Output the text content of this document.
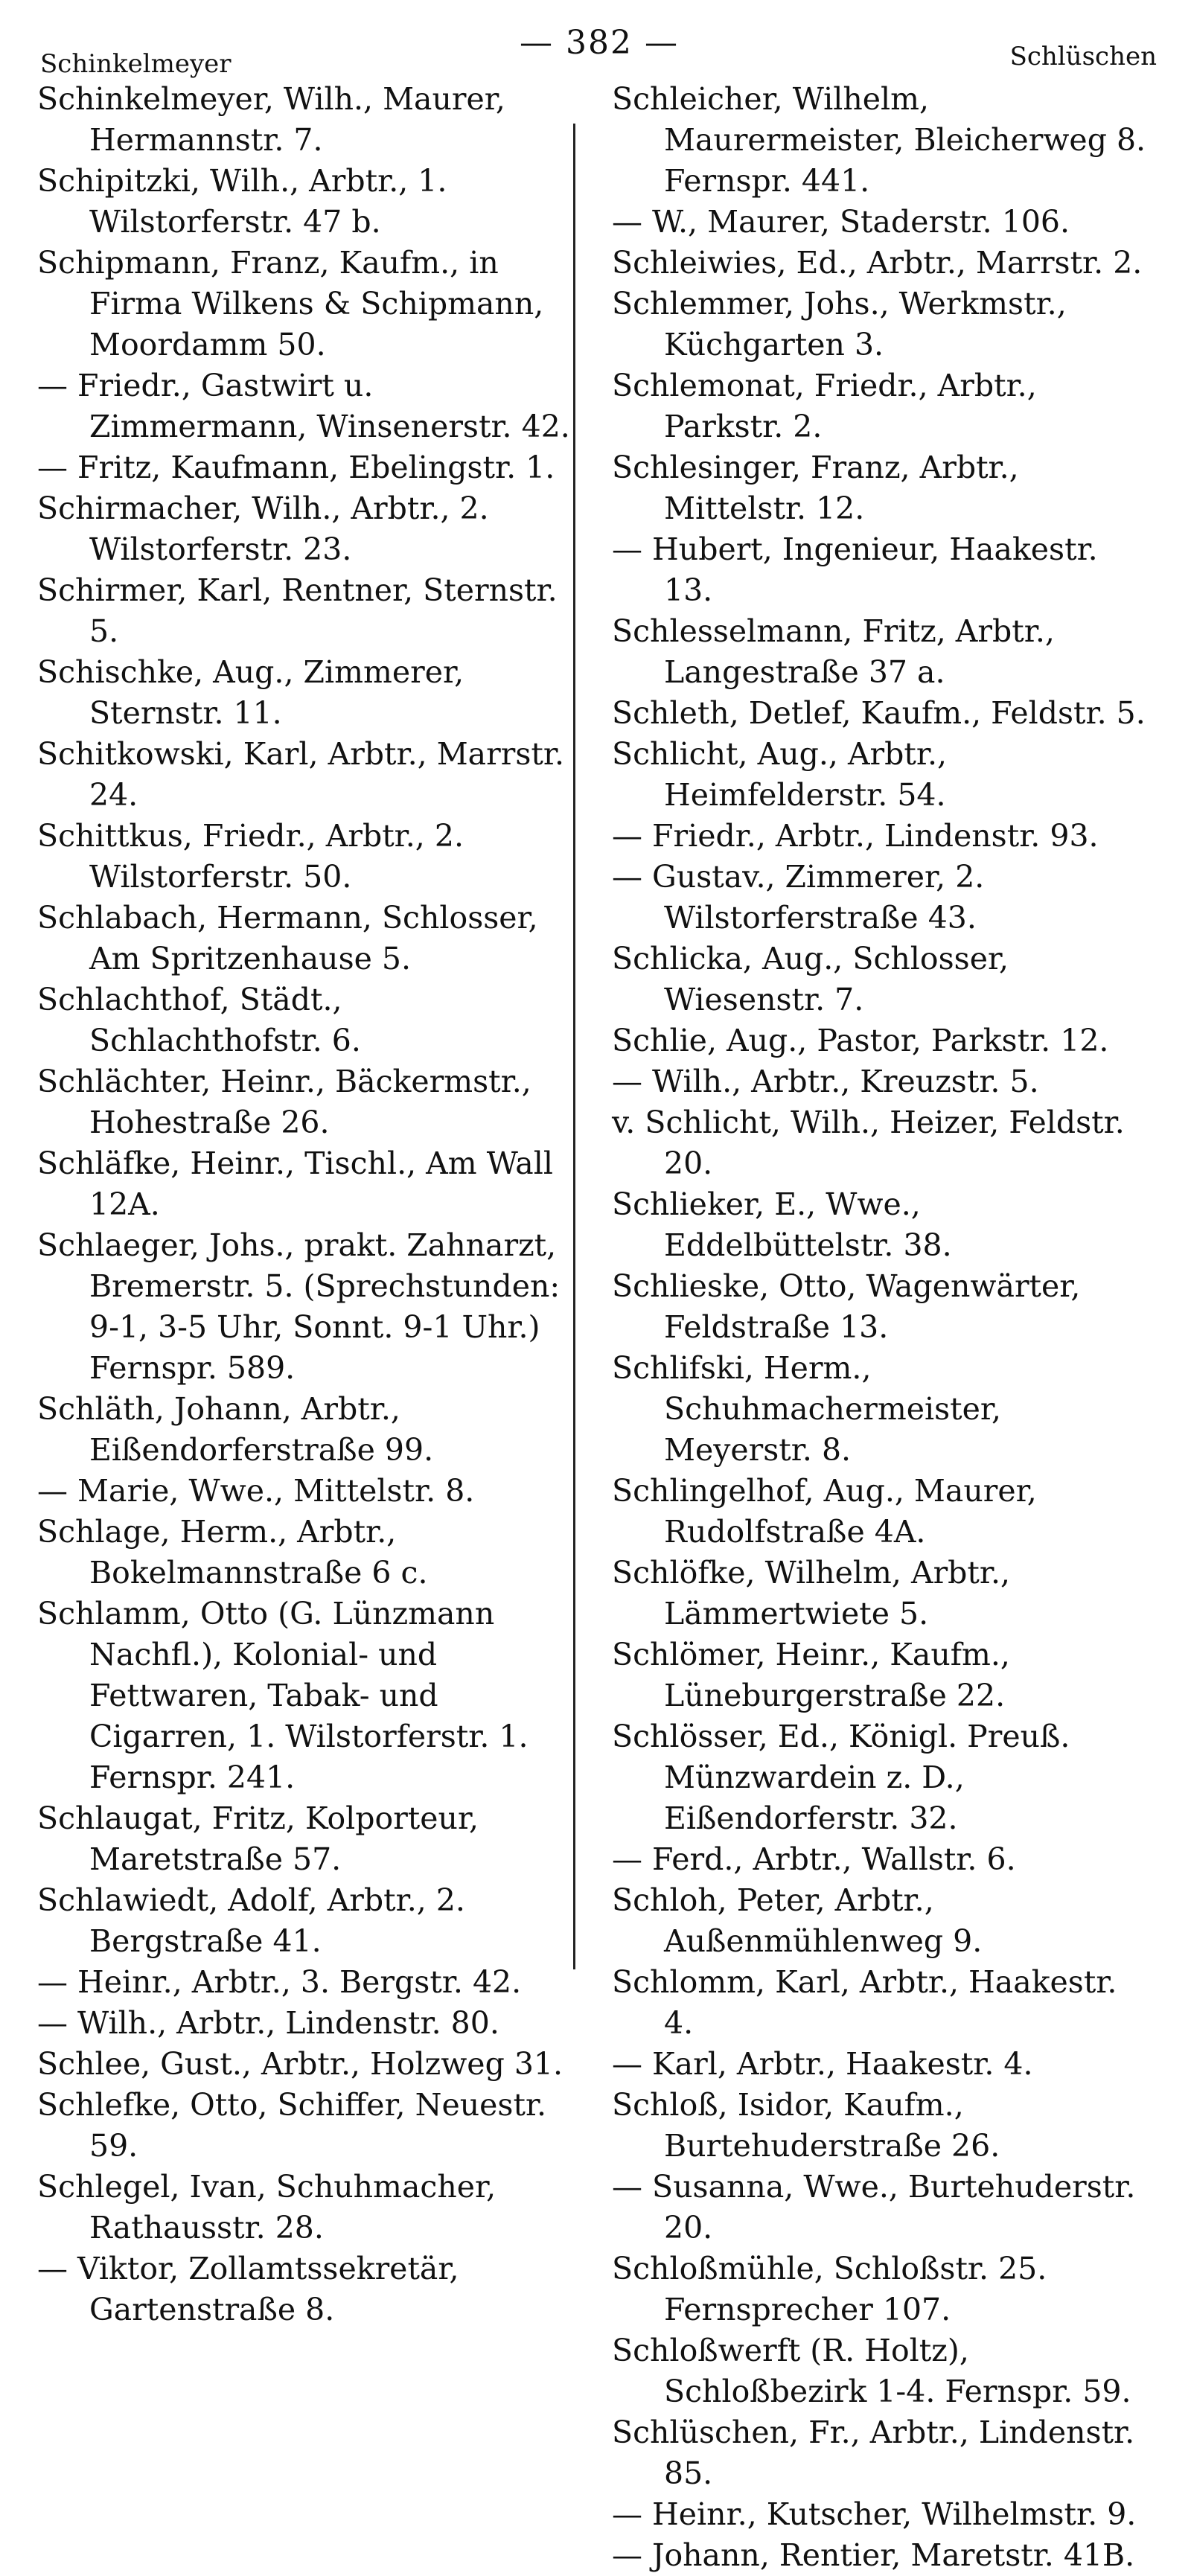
Schinkelmeyer
— 382 —	Schlüschen

Schinkelmeyer, Wilh., Maurer, Hermannstr. 7.

Schipitzki, Wilh., Arbtr., 1. Wilstorferstr. 47 b.

Schipmann, Franz, Kaufm., in Firma Wilkens & Schipmann, Moordamm 50.

— Friedr., Gastwirt u. Zimmermann, Winsenerstr. 42.

— Fritz, Kaufmann, Ebelingstr. 1.

Schirmacher, Wilh., Arbtr., 2. Wilstorferstr. 23.

Schirmer, Karl, Rentner, Sternstr. 5.

Schischke, Aug., Zimmerer, Sternstr. 11.

Schitkowski, Karl, Arbtr., Marrstr. 24.

Schittkus, Friedr., Arbtr., 2. Wilstorferstr. 50.

Schlabach, Hermann, Schlosser, Am Spritzenhause 5.

Schlachthof, Städt., Schlachthofstr. 6.

Schlächter, Heinr., Bäckermstr., Hohestraße 26.

Schläfke, Heinr., Tischl., Am Wall 12A.

Schlaeger, Johs., prakt. Zahnarzt, Bremerstr. 5. (Sprechstunden: 9-1, 3-5 Uhr, Sonnt. 9-1 Uhr.) Fernspr. 589.

Schläth, Johann, Arbtr., Eißendorferstraße 99.

— Marie, Wwe., Mittelstr. 8.

Schlage, Herm., Arbtr., Bokelmannstraße 6 c.

Schlamm, Otto (G. Lünzmann Nachfl.), Kolonial- und Fettwaren, Tabak- und Cigarren, 1. Wilstorferstr. 1. Fernspr. 241.

Schlaugat, Fritz, Kolporteur, Maretstraße 57.

Schlawiedt, Adolf, Arbtr., 2. Bergstraße 41.

— Heinr., Arbtr., 3. Bergstr. 42.

— Wilh., Arbtr., Lindenstr. 80.

Schlee, Gust., Arbtr., Holzweg 31.

Schlefke, Otto, Schiffer, Neuestr. 59.

Schlegel, Ivan, Schuhmacher, Rathausstr. 28.

— Viktor, Zollamtssekretär, Gartenstraße 8.

Schleicher, Wilhelm, Maurermeister, Bleicherweg 8. Fernspr. 441.

— W., Maurer, Staderstr. 106.

Schleiwies, Ed., Arbtr., Marrstr. 2.

Schlemmer, Johs., Werkmstr., Küchgarten 3.

Schlemonat, Friedr., Arbtr., Parkstr. 2.

Schlesinger, Franz, Arbtr., Mittelstr. 12.

— Hubert, Ingenieur, Haakestr. 13.

Schlesselmann, Fritz, Arbtr., Langestraße 37 a.

Schleth, Detlef, Kaufm., Feldstr. 5.

Schlicht, Aug., Arbtr., Heimfelderstr. 54.

— Friedr., Arbtr., Lindenstr. 93.

— Gustav., Zimmerer, 2. Wilstorferstraße 43.

Schlicka, Aug., Schlosser, Wiesenstr. 7.

Schlie, Aug., Pastor, Parkstr. 12.

— Wilh., Arbtr., Kreuzstr. 5.

v. Schlicht, Wilh., Heizer, Feldstr. 20.

Schlieker, E., Wwe., Eddelbüttelstr. 38.

Schlieske, Otto, Wagenwärter, Feldstraße 13.

Schlifski, Herm., Schuhmachermeister, Meyerstr. 8.

Schlingelhof, Aug., Maurer, Rudolfstraße 4A.

Schlöfke, Wilhelm, Arbtr., Lämmertwiete 5.

Schlömer, Heinr., Kaufm., Lüneburgerstraße 22.

Schlösser, Ed., Königl. Preuß. Münzwardein z. D., Eißendorferstr. 32.

— Ferd., Arbtr., Wallstr. 6.

Schloh, Peter, Arbtr., Außenmühlenweg 9.

Schlomm, Karl, Arbtr., Haakestr. 4.

— Karl, Arbtr., Haakestr. 4.

Schloß, Isidor, Kaufm., Burtehuderstraße 26.

— Susanna, Wwe., Burtehuderstr. 20.

Schloßmühle, Schloßstr. 25. Fernsprecher 107.

Schloßwerft (R. Holtz), Schloßbezirk 1-4. Fernspr. 59.

Schlüschen, Fr., Arbtr., Lindenstr. 85.

— Heinr., Kutscher, Wilhelmstr. 9.

— Johann, Rentier, Maretstr. 41B.
